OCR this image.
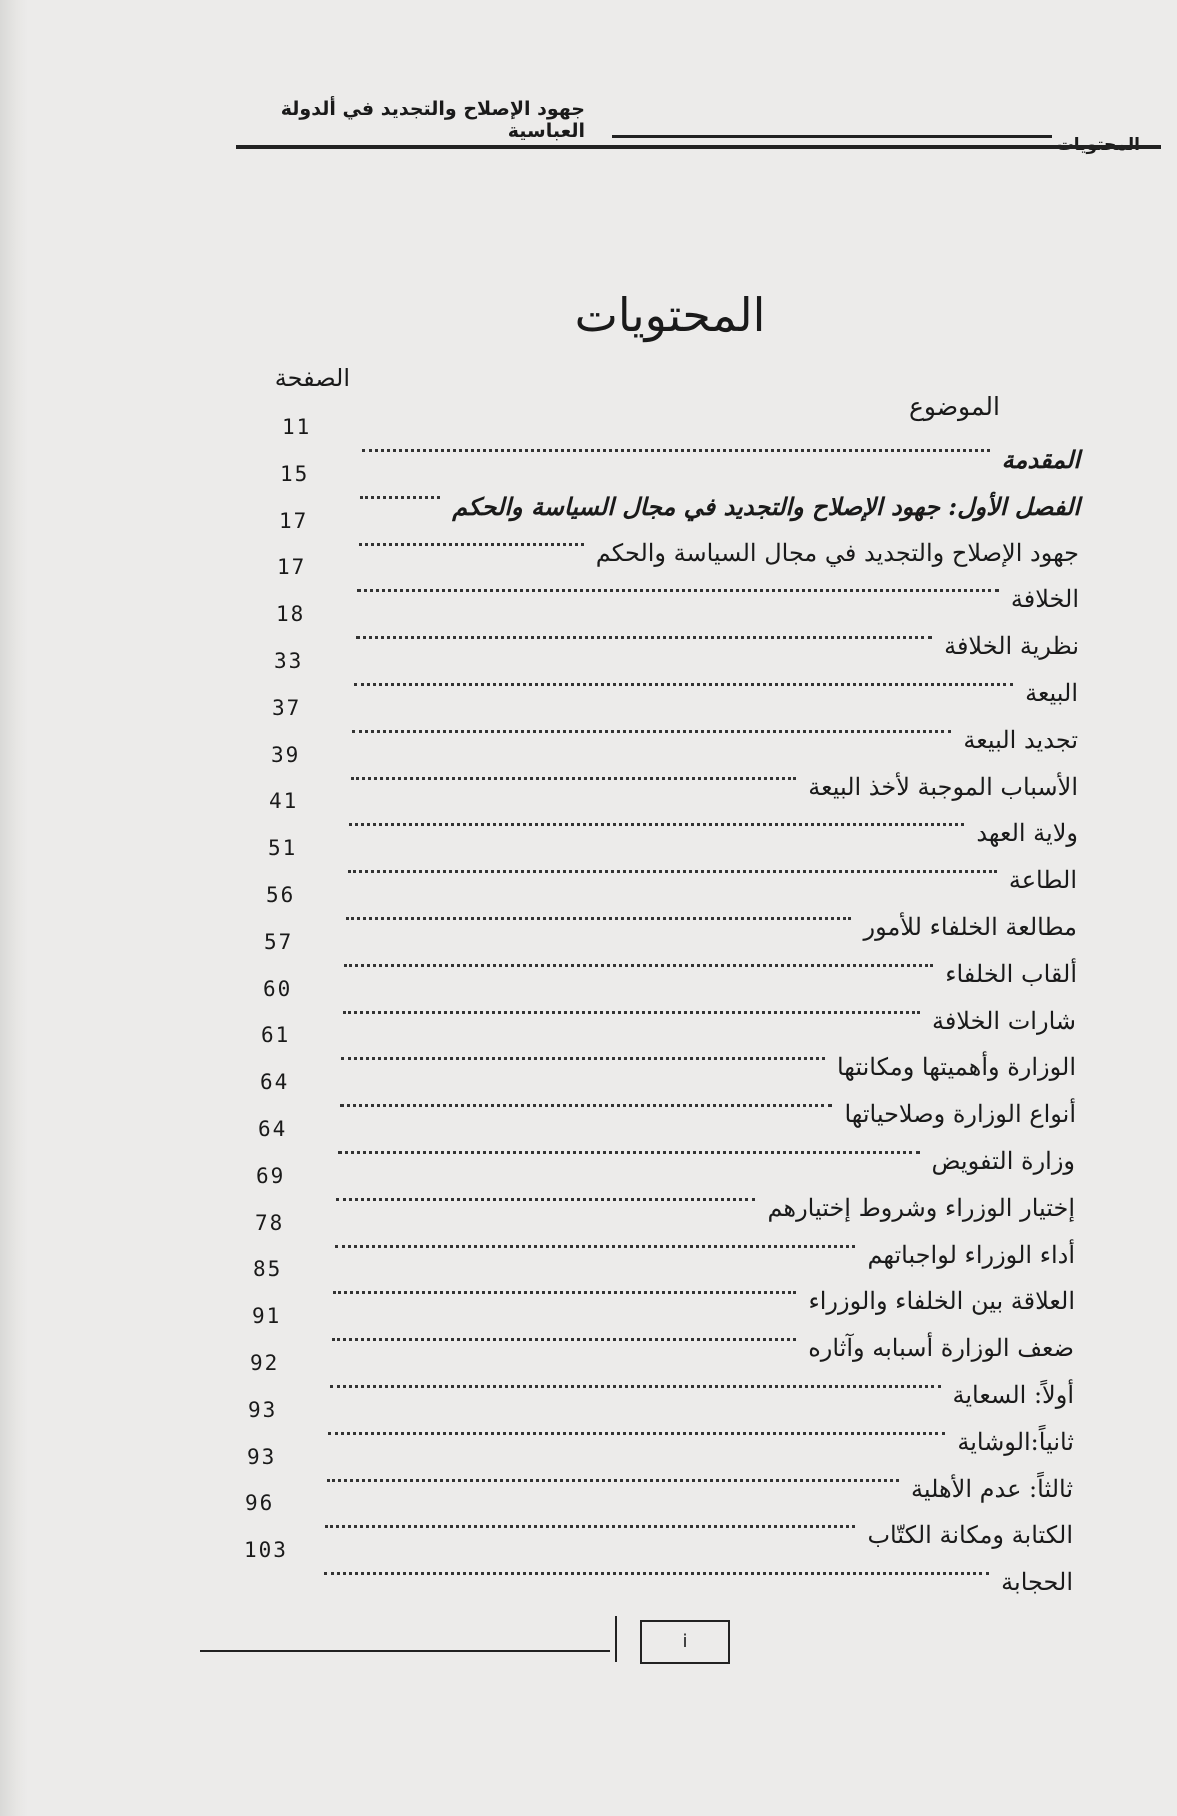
جهود الإصلاح والتجديد في ألدولة العباسية
المحتويات
الصفحة
الموضوع
11
المقدمة
15
الفصل الأول: جهود الإصلاح والتجديد في مجال السياسة والحكم
17
جهود الإصلاح والتجديد في مجال السياسة والحكم
17
الخلافة
18
نظرية الخلافة
33
البيعة
37
تجديد البيعة
39
الأسباب الموجبة لأخذ البيعة
41
ولاية العهد
51
الطاعة
56
مطالعة الخلفاء للأمور
57
ألقاب الخلفاء
60
شارات الخلافة
61
الوزارة وأهميتها ومكانتها
64
أنواع الوزارة وصلاحياتها
64
وزارة التفويض
69
إختيار الوزراء وشروط إختيارهم
78
أداء الوزراء لواجباتهم
85
العلاقة بين الخلفاء والوزراء
91
ضعف الوزارة أسبابه وآثاره
92
أولاً: السعاية
93
ثانياً:الوشاية
93
ثالثاً: عدم الأهلية
96
الكتابة ومكانة الكتّاب
103
الحجابة
i
